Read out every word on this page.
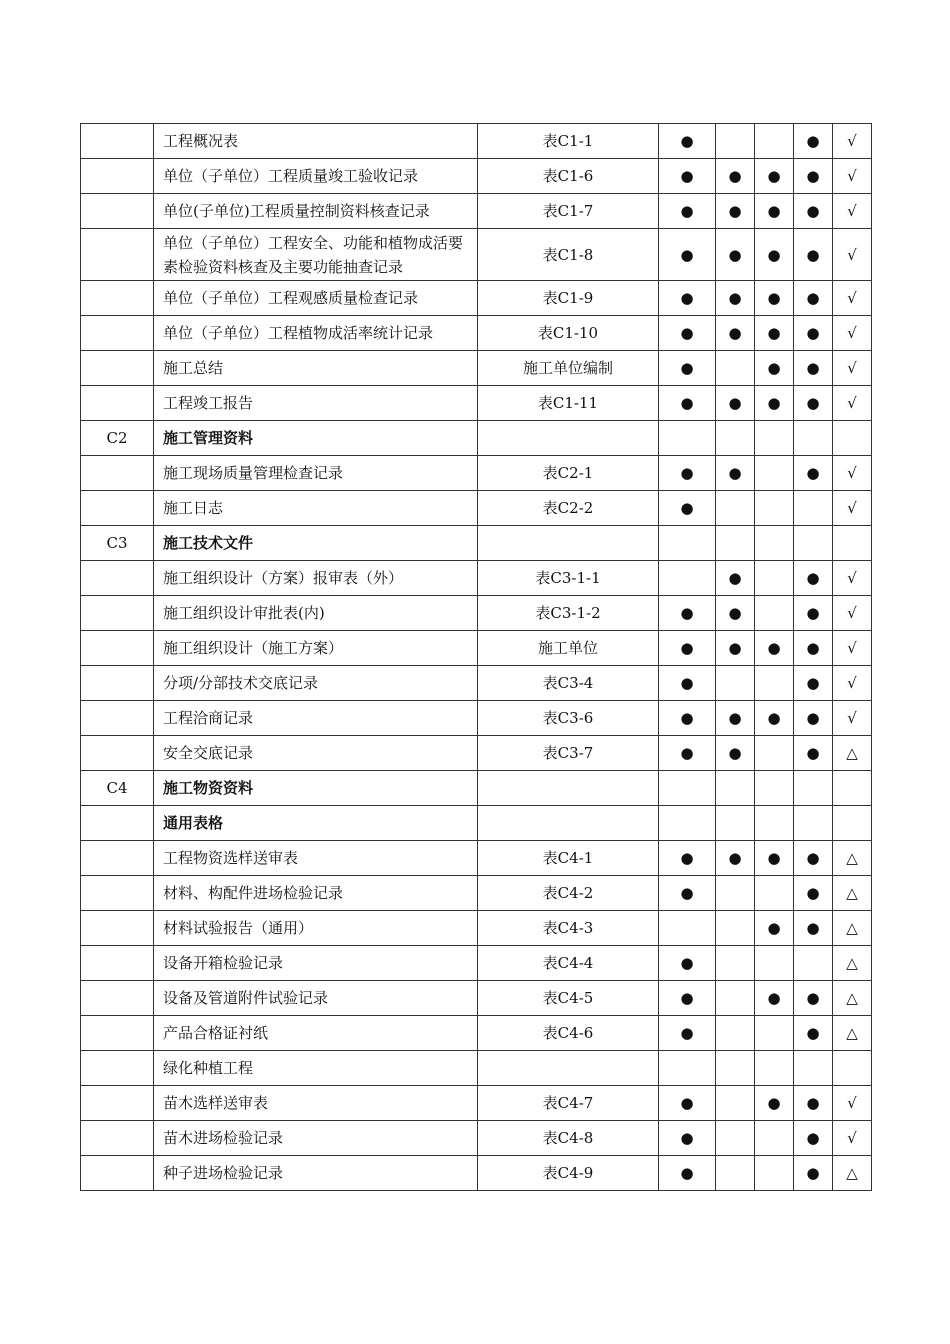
	工程概况表	表C1-1	●			●	√
	单位（子单位）工程质量竣工验收记录	表C1-6	●	●	●	●	√
	单位(子单位)工程质量控制资料核查记录	表C1-7	●	●	●	●	√
	单位（子单位）工程安全、功能和植物成活要素检验资料核查及主要功能抽查记录	表C1-8	●	●	●	●	√
	单位（子单位）工程观感质量检查记录	表C1-9	●	●	●	●	√
	单位（子单位）工程植物成活率统计记录	表C1-10	●	●	●	●	√
	施工总结	施工单位编制	●		●	●	√
	工程竣工报告	表C1-11	●	●	●	●	√
C2	施工管理资料						
	施工现场质量管理检查记录	表C2-1	●	●		●	√
	施工日志	表C2-2	●				√
C3	施工技术文件						
	施工组织设计（方案）报审表（外）	表C3-1-1		●		●	√
	施工组织设计审批表(内)	表C3-1-2	●	●		●	√
	施工组织设计（施工方案）	施工单位	●	●	●	●	√
	分项/分部技术交底记录	表C3-4	●			●	√
	工程洽商记录	表C3-6	●	●	●	●	√
	安全交底记录	表C3-7	●	●		●	△
C4	施工物资资料						
	通用表格						
	工程物资选样送审表	表C4-1	●	●	●	●	△
	材料、构配件进场检验记录	表C4-2	●			●	△
	材料试验报告（通用）	表C4-3			●	●	△
	设备开箱检验记录	表C4-4	●				△
	设备及管道附件试验记录	表C4-5	●		●	●	△
	产品合格证衬纸	表C4-6	●			●	△
	绿化种植工程						
	苗木选样送审表	表C4-7	●		●	●	√
	苗木进场检验记录	表C4-8	●			●	√
	种子进场检验记录	表C4-9	●			●	△
